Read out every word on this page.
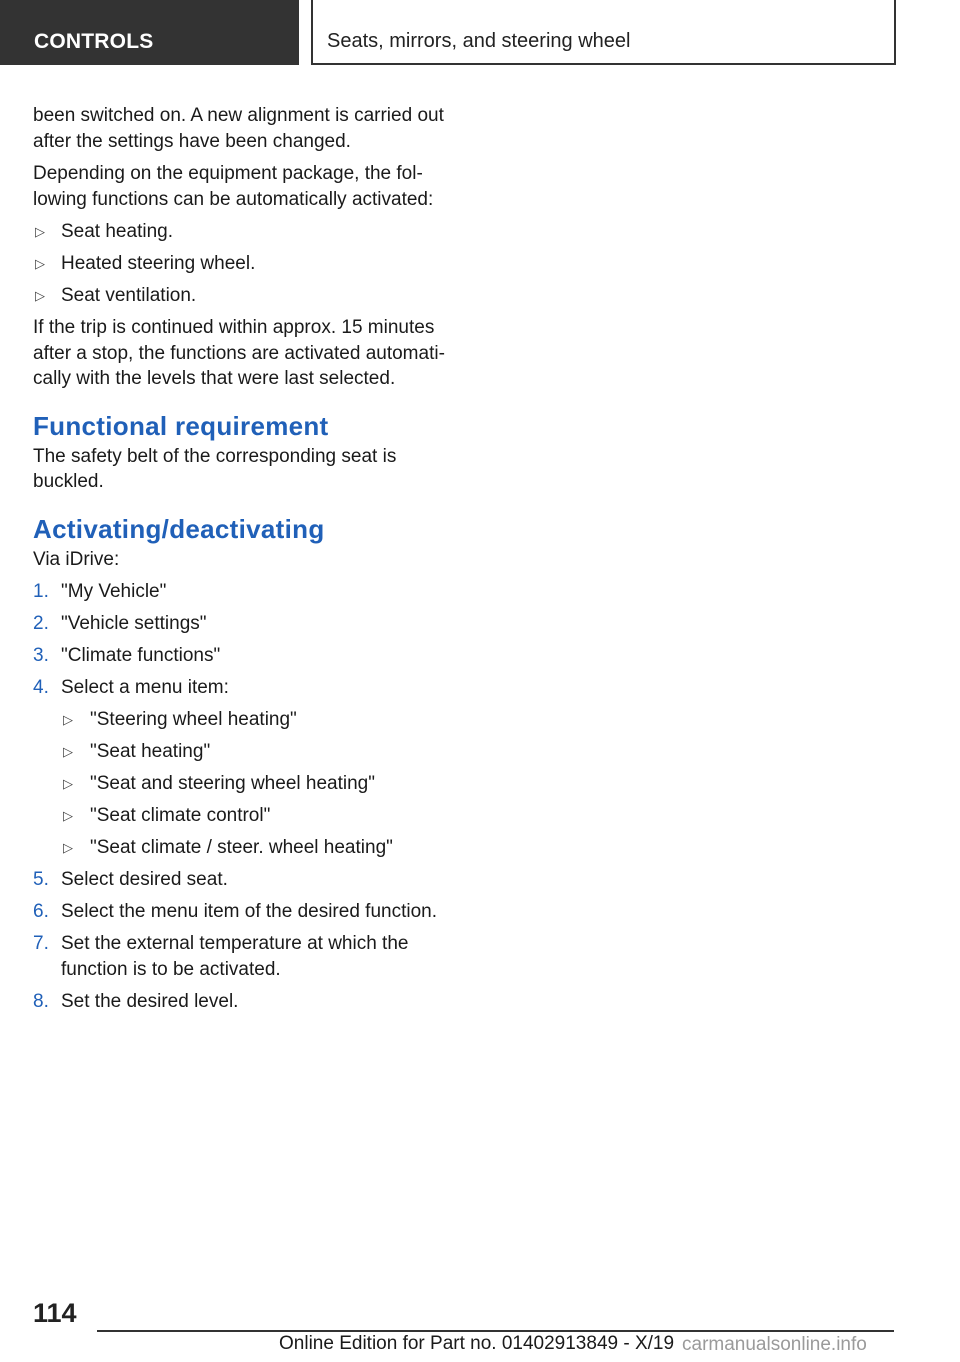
CONTROLS	Seats, mirrors, and steering wheel

been switched on. A new alignment is carried out after the settings have been changed.

Depending on the equipment package, the fol‐ lowing functions can be automatically activated:

▷ Seat heating.
▷ Heated steering wheel.
▷ Seat ventilation.

If the trip is continued within approx. 15 minutes after a stop, the functions are activated automati‐ cally with the levels that were last selected.

Functional requirement

The safety belt of the corresponding seat is buckled.

Activating/deactivating

Via iDrive:

1. "My Vehicle"
2. "Vehicle settings"
3. "Climate functions"
4. Select a menu item:
▷ "Steering wheel heating"
▷ "Seat heating"
▷ "Seat and steering wheel heating"
▷ "Seat climate control"
▷ "Seat climate / steer. wheel heating"
5. Select desired seat.
6. Select the menu item of the desired function.
7. Set the external temperature at which the function is to be activated.
8. Set the desired level.
114
Online Edition for Part no. 01402913849 - X/19 carmanualsonline.info
